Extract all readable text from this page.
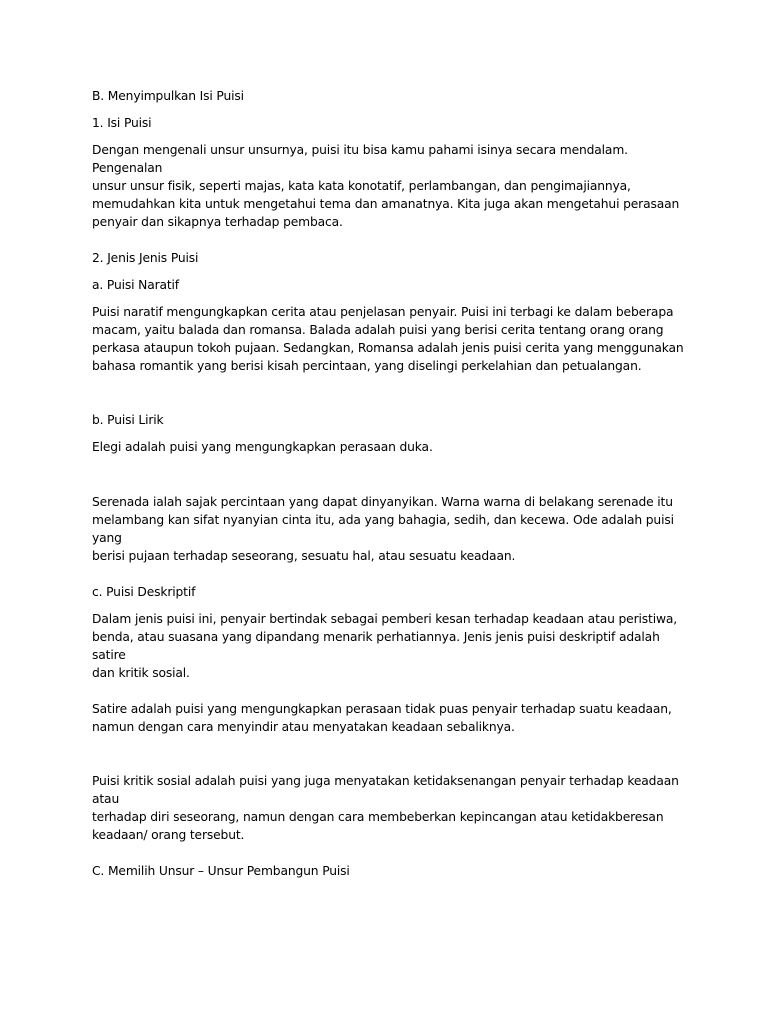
B. Menyimpulkan Isi Puisi

1. Isi Puisi

Dengan mengenali unsur unsurnya, puisi itu bisa kamu pahami isinya secara mendalam. Pengenalan
unsur unsur fisik, seperti majas, kata kata konotatif, perlambangan, dan pengimajiannya,
memudahkan kita untuk mengetahui tema dan amanatnya. Kita juga akan mengetahui perasaan
penyair dan sikapnya terhadap pembaca.

2. Jenis Jenis Puisi

a. Puisi Naratif

Puisi naratif mengungkapkan cerita atau penjelasan penyair. Puisi ini terbagi ke dalam beberapa
macam, yaitu balada dan romansa. Balada adalah puisi yang berisi cerita tentang orang orang
perkasa ataupun tokoh pujaan. Sedangkan, Romansa adalah jenis puisi cerita yang menggunakan
bahasa romantik yang berisi kisah percintaan, yang diselingi perkelahian dan petualangan.

b. Puisi Lirik

Elegi adalah puisi yang mengungkapkan perasaan duka.

Serenada ialah sajak percintaan yang dapat dinyanyikan. Warna warna di belakang serenade itu
melambang kan sifat nyanyian cinta itu, ada yang bahagia, sedih, dan kecewa. Ode adalah puisi yang
berisi pujaan terhadap seseorang, sesuatu hal, atau sesuatu keadaan.

c. Puisi Deskriptif

Dalam jenis puisi ini, penyair bertindak sebagai pemberi kesan terhadap keadaan atau peristiwa,
benda, atau suasana yang dipandang menarik perhatiannya. Jenis jenis puisi deskriptif adalah satire
dan kritik sosial.

Satire adalah puisi yang mengungkapkan perasaan tidak puas penyair terhadap suatu keadaan,
namun dengan cara menyindir atau menyatakan keadaan sebaliknya.

Puisi kritik sosial adalah puisi yang juga menyatakan ketidaksenangan penyair terhadap keadaan atau
terhadap diri seseorang, namun dengan cara membeberkan kepincangan atau ketidakberesan
keadaan/ orang tersebut.

C. Memilih Unsur – Unsur Pembangun Puisi
